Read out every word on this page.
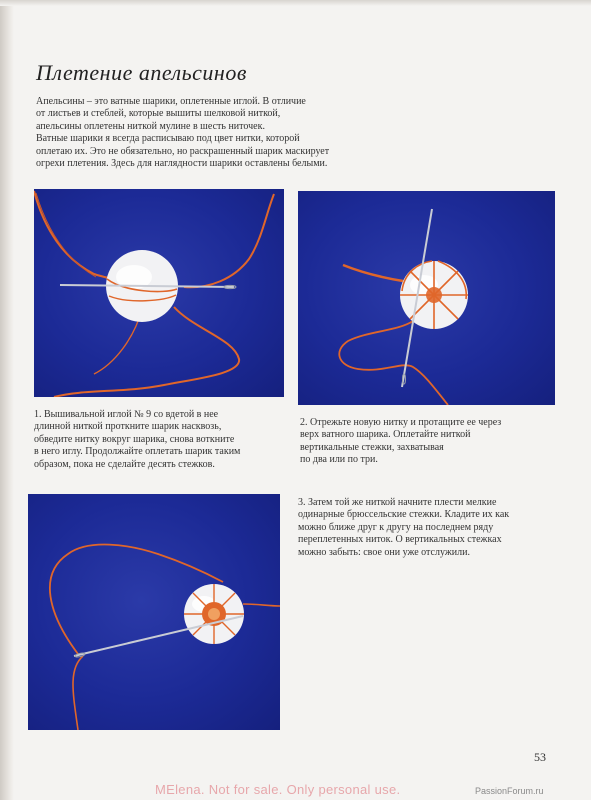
Плетение апельсинов

Апельсины – это ватные шарики, оплетенные иглой. В отличие

от листьев и стеблей, которые вышиты шелковой ниткой,

апельсины оплетены ниткой мулине в шесть ниточек.

Ватные шарики я всегда расписываю под цвет нитки, которой

оплетаю их. Это не обязательно, но раскрашенный шарик маскирует

огрехи плетения. Здесь для наглядности шарики оставлены белыми.

1. Вышивальной иглой № 9 со вдетой в нее
длинной ниткой проткните шарик насквозь,
обведите нитку вокруг шарика, снова воткните
в него иглу. Продолжайте оплетать шарик таким
образом, пока не сделайте десять стежков.
2. Отрежьте новую нитку и протащите ее через
верх ватного шарика. Оплетайте ниткой
вертикальные стежки, захватывая
по два или по три.
3. Затем той же ниткой начните плести мелкие
одинарные брюссельские стежки. Кладите их как
можно ближе друг к другу на последнем ряду
переплетенных ниток. О вертикальных стежках
можно забыть: свое они уже отслужили.
53
MElena. Not for sale. Only personal use.	PassionForum.ru
